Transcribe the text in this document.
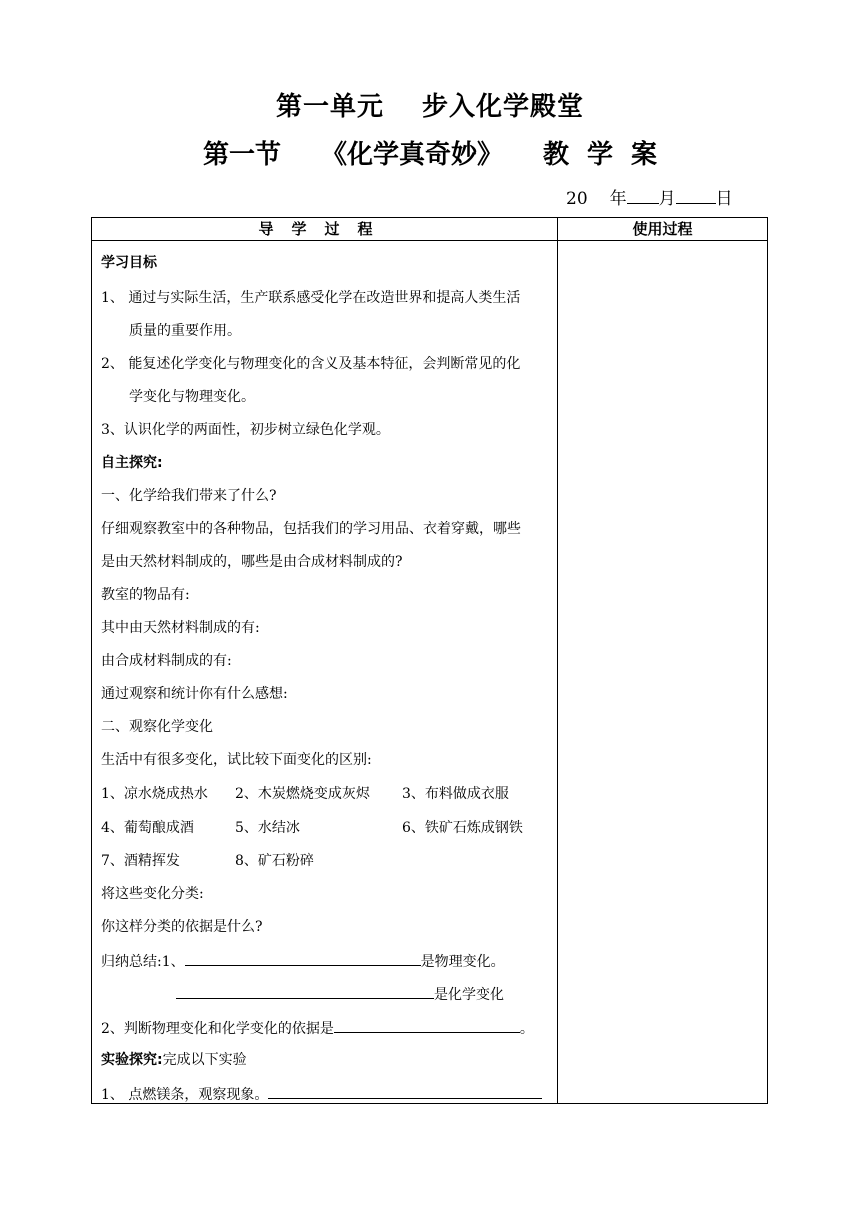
第一单元 步入化学殿堂
第一节 《化学真奇妙》 教 学 案
20 年 月 日
导学过程	使用过程
学习目标
1、 通过与实际生活，生产联系感受化学在改造世界和提高人类生活
质量的重要作用。
2、 能复述化学变化与物理变化的含义及基本特征，会判断常见的化
学变化与物理变化。
3、认识化学的两面性，初步树立绿色化学观。
自主探究:
一、化学给我们带来了什么?
仔细观察教室中的各种物品，包括我们的学习用品、衣着穿戴，哪些
是由天然材料制成的，哪些是由合成材料制成的?
教室的物品有:
其中由天然材料制成的有:
由合成材料制成的有:
通过观察和统计你有什么感想:
二、观察化学变化
生活中有很多变化，试比较下面变化的区别:
1、凉水烧成热水 2、木炭燃烧变成灰烬 3、布料做成衣服
4、葡萄酿成酒	5、水结冰	6、铁矿石炼成钢铁
7、酒精挥发	8、矿石粉碎
将这些变化分类:
你这样分类的依据是什么?
归纳总结:1、	是物理变化。
是化学变化
2、判断物理变化和化学变化的依据是	。
实验探究:完成以下实验
1、 点燃镁条，观察现象。
